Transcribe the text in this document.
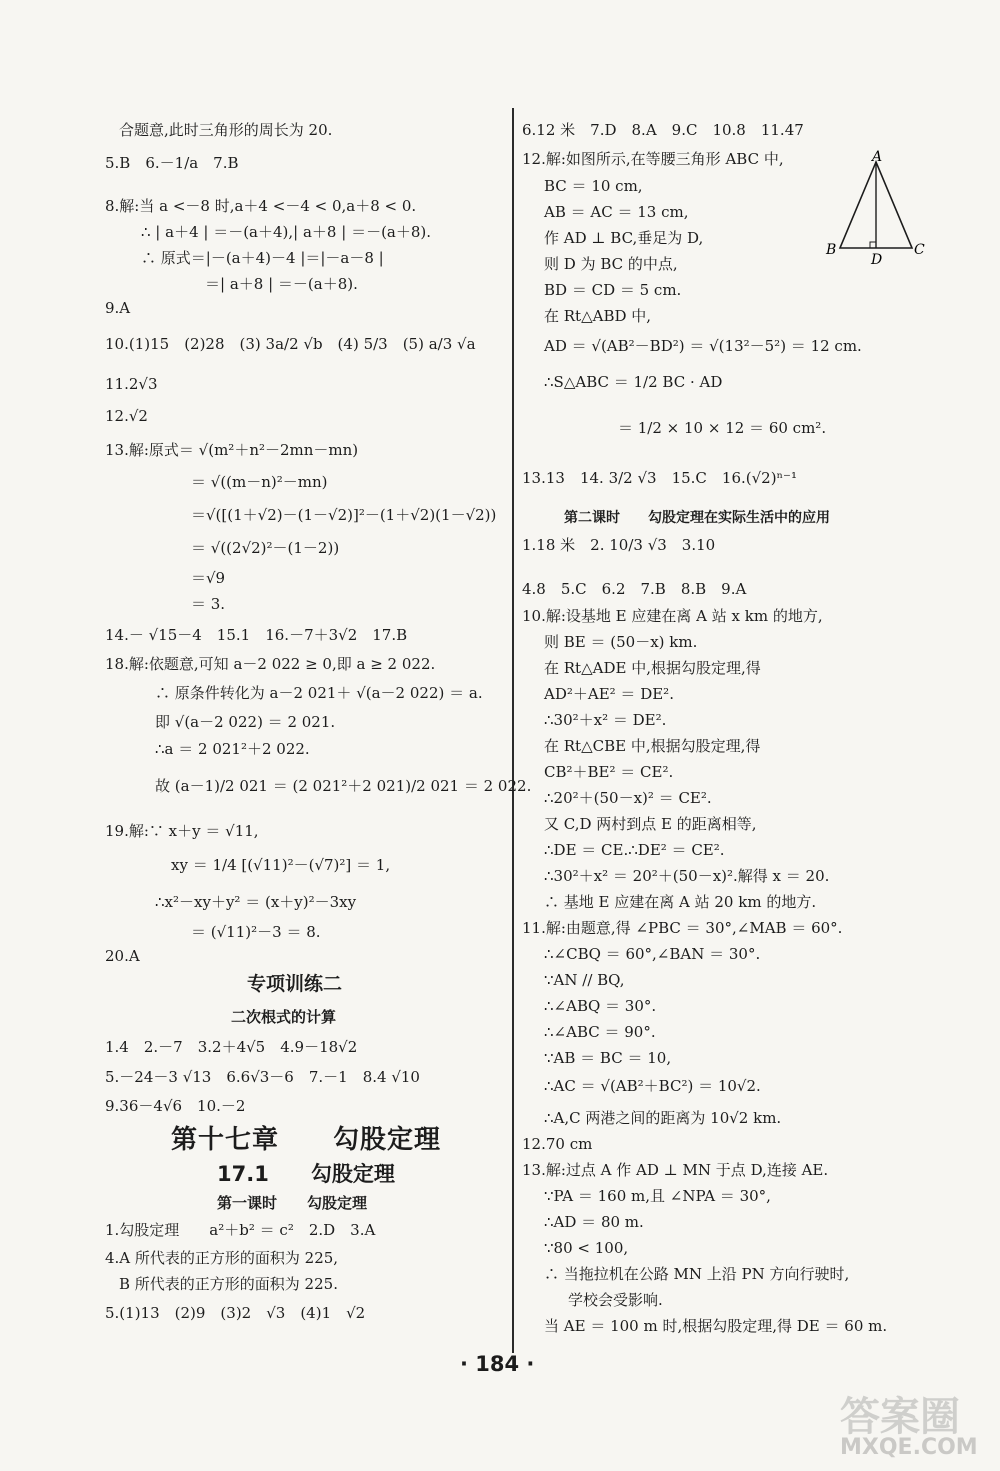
合题意,此时三角形的周长为 20.
5.B　6.－1/a　7.B
8.解:当 a <－8 时,a＋4 <－4 < 0,a＋8 < 0.
∴ | a＋4 | ＝－(a＋4),| a＋8 | ＝－(a＋8).
∴ 原式＝|－(a＋4)－4 |＝|－a－8 |
＝| a＋8 | ＝－(a＋8).
9.A
10.(1)15　(2)28　(3) 3a/2 √b　(4) 5/3　(5) a/3 √a
11.2√3
12.√2
13.解:原式＝ √(m²＋n²－2mn－mn)
＝ √((m－n)²－mn)
＝√([(1＋√2)－(1－√2)]²－(1＋√2)(1－√2))
＝ √((2√2)²－(1－2))
＝√9
＝ 3.
14.－ √15－4　15.1　16.－7＋3√2　17.B
18.解:依题意,可知 a－2 022 ≥ 0,即 a ≥ 2 022.
∴ 原条件转化为 a－2 021＋ √(a－2 022) ＝ a.
即 √(a－2 022) ＝ 2 021.
∴a ＝ 2 021²＋2 022.
故 (a－1)/2 021 ＝ (2 021²＋2 021)/2 021 ＝ 2 022.
19.解:∵ x＋y ＝ √11,
xy ＝ 1/4 [(√11)²－(√7)²] ＝ 1,
∴x²－xy＋y² ＝ (x＋y)²－3xy
＝ (√11)²－3 ＝ 8.
20.A
专项训练二
二次根式的计算
1.4　2.－7　3.2＋4√5　4.9－18√2
5.－24－3 √13　6.6√3－6　7.－1　8.4 √10
9.36－4√6　10.－2
第十七章　　勾股定理
17.1　　勾股定理
第一课时　　勾股定理
1.勾股定理　　a²＋b² ＝ c²　2.D　3.A
4.A 所代表的正方形的面积为 225,
B 所代表的正方形的面积为 225.
5.(1)13　(2)9　(3)2　√3　(4)1　√2
6.12 米　7.D　8.A　9.C　10.8　11.47
12.解:如图所示,在等腰三角形 ABC 中,
BC ＝ 10 cm,
AB ＝ AC ＝ 13 cm,
作 AD ⊥ BC,垂足为 D,
则 D 为 BC 的中点,
BD ＝ CD ＝ 5 cm.
在 Rt△ABD 中,
AD ＝ √(AB²－BD²) ＝ √(13²－5²) ＝ 12 cm.
∴S△ABC ＝ 1/2 BC · AD
＝ 1/2 × 10 × 12 ＝ 60 cm².
13.13　14. 3/2 √3　15.C　16.(√2)ⁿ⁻¹
第二课时　　勾股定理在实际生活中的应用
1.18 米　2. 10/3 √3　3.10
4.8　5.C　6.2　7.B　8.B　9.A
10.解:设基地 E 应建在离 A 站 x km 的地方,
则 BE ＝ (50－x) km.
在 Rt△ADE 中,根据勾股定理,得
AD²＋AE² ＝ DE².
∴30²＋x² ＝ DE².
在 Rt△CBE 中,根据勾股定理,得
CB²＋BE² ＝ CE².
∴20²＋(50－x)² ＝ CE².
又 C,D 两村到点 E 的距离相等,
∴DE ＝ CE.∴DE² ＝ CE².
∴30²＋x² ＝ 20²＋(50－x)².解得 x ＝ 20.
∴ 基地 E 应建在离 A 站 20 km 的地方.
11.解:由题意,得 ∠PBC ＝ 30°,∠MAB ＝ 60°.
∴∠CBQ ＝ 60°,∠BAN ＝ 30°.
∵AN // BQ,
∴∠ABQ ＝ 30°.
∴∠ABC ＝ 90°.
∵AB ＝ BC ＝ 10,
∴AC ＝ √(AB²＋BC²) ＝ 10√2.
∴A,C 两港之间的距离为 10√2 km.
12.70 cm
13.解:过点 A 作 AD ⊥ MN 于点 D,连接 AE.
∵PA ＝ 160 m,且 ∠NPA ＝ 30°,
∴AD ＝ 80 m.
∵80 < 100,
∴ 当拖拉机在公路 MN 上沿 PN 方向行驶时,
学校会受影响.
当 AE ＝ 100 m 时,根据勾股定理,得 DE ＝ 60 m.
A
B	C
D
· 184 ·
答案圈
MXQE.COM
